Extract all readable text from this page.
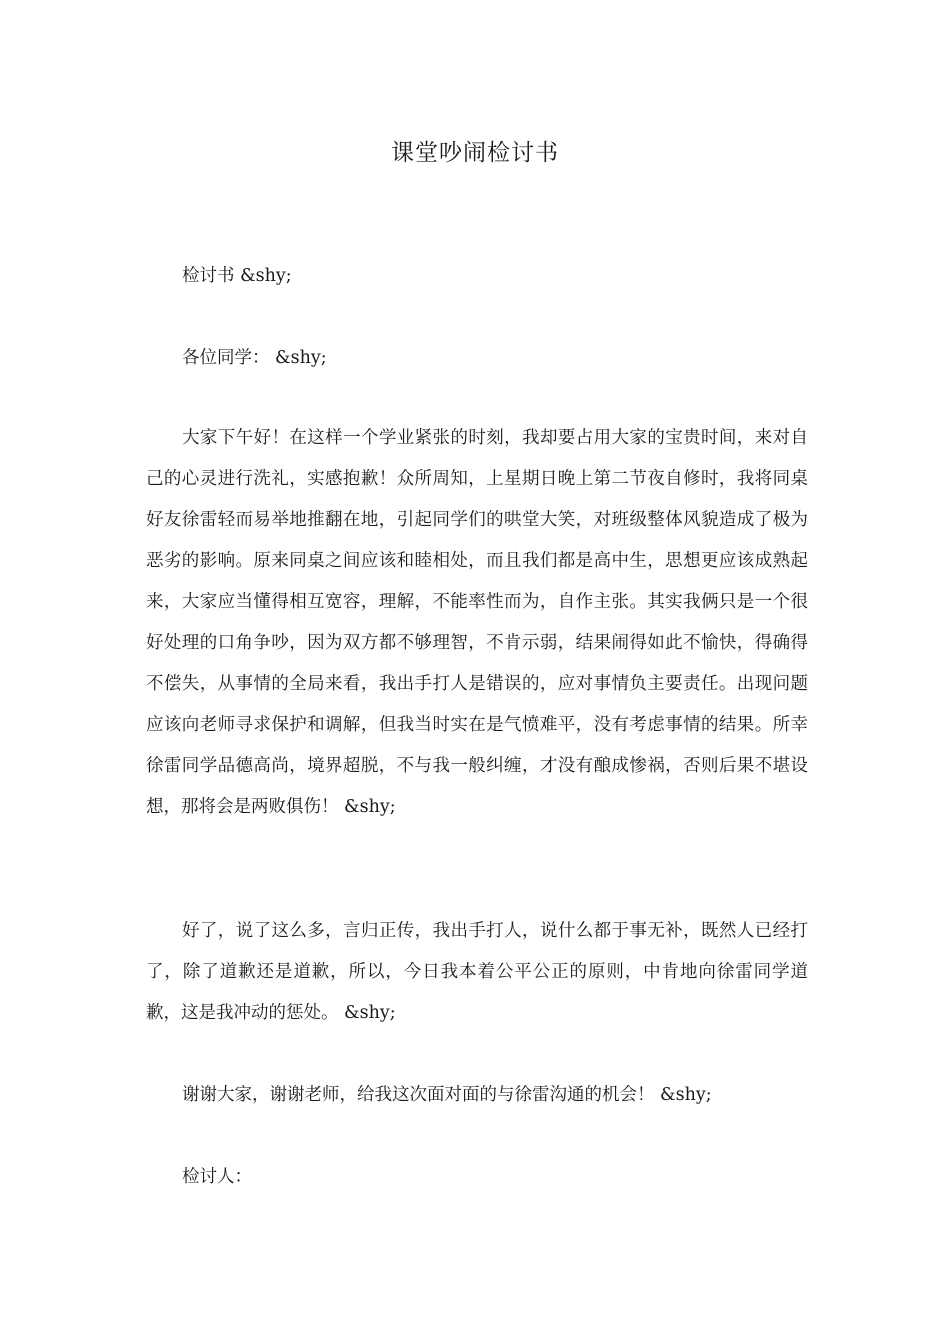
课堂吵闹检讨书

检讨书 &shy;

各位同学： &shy;

大家下午好！在这样一个学业紧张的时刻，我却要占用大家的宝贵时间，来对自己的心灵进行洗礼，实感抱歉！众所周知，上星期日晚上第二节夜自修时，我将同桌好友徐雷轻而易举地推翻在地，引起同学们的哄堂大笑，对班级整体风貌造成了极为恶劣的影响。原来同桌之间应该和睦相处，而且我们都是高中生，思想更应该成熟起来，大家应当懂得相互宽容，理解，不能率性而为，自作主张。其实我俩只是一个很好处理的口角争吵，因为双方都不够理智，不肯示弱，结果闹得如此不愉快，得确得不偿失，从事情的全局来看，我出手打人是错误的，应对事情负主要责任。出现问题应该向老师寻求保护和调解，但我当时实在是气愤难平，没有考虑事情的结果。所幸徐雷同学品德高尚，境界超脱，不与我一般纠缠，才没有酿成惨祸，否则后果不堪设想，那将会是两败俱伤！ &shy;

好了，说了这么多，言归正传，我出手打人，说什么都于事无补，既然人已经打了，除了道歉还是道歉，所以，今日我本着公平公正的原则，中肯地向徐雷同学道歉，这是我冲动的惩处。 &shy;

谢谢大家，谢谢老师，给我这次面对面的与徐雷沟通的机会！ &shy;

检讨人：
